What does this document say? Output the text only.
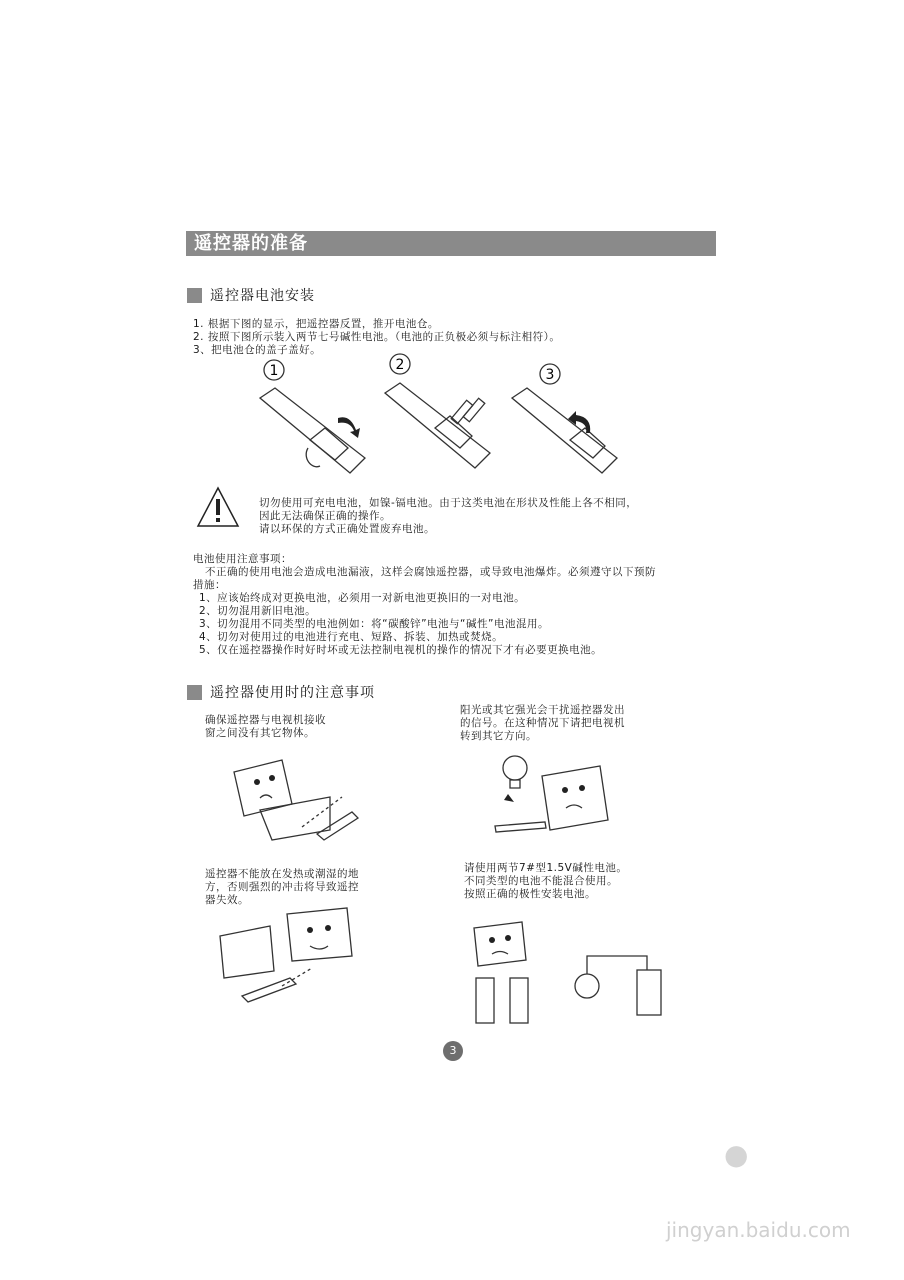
遥控器的准备
遥控器电池安装
1. 根据下图的显示，把遥控器反置，推开电池仓。
2. 按照下图所示装入两节七号碱性电池。（电池的正负极必须与标注相符）。
3、把电池仓的盖子盖好。
1	2
3
切勿使用可充电电池，如镍-镉电池。由于这类电池在形状及性能上各不相同，
因此无法确保正确的操作。
请以环保的方式正确处置废弃电池。
电池使用注意事项：
不正确的使用电池会造成电池漏液，这样会腐蚀遥控器，或导致电池爆炸。必须遵守以下预防
措施：
1、应该始终成对更换电池，必须用一对新电池更换旧的一对电池。
2、切勿混用新旧电池。
3、切勿混用不同类型的电池例如：将“碳酸锌”电池与“碱性”电池混用。
4、切勿对使用过的电池进行充电、短路、拆装、加热或焚烧。
5、仅在遥控器操作时好时坏或无法控制电视机的操作的情况下才有必要更换电池。
遥控器使用时的注意事项
确保遥控器与电视机接收
窗之间没有其它物体。
阳光或其它强光会干扰遥控器发出
的信号。在这种情况下请把电视机
转到其它方向。
遥控器不能放在发热或潮湿的地
方，否则强烈的冲击将导致遥控
器失效。
请使用两节7#型1.5V碱性电池。
不同类型的电池不能混合使用。
按照正确的极性安装电池。
3
●
jingyan.baidu.com
